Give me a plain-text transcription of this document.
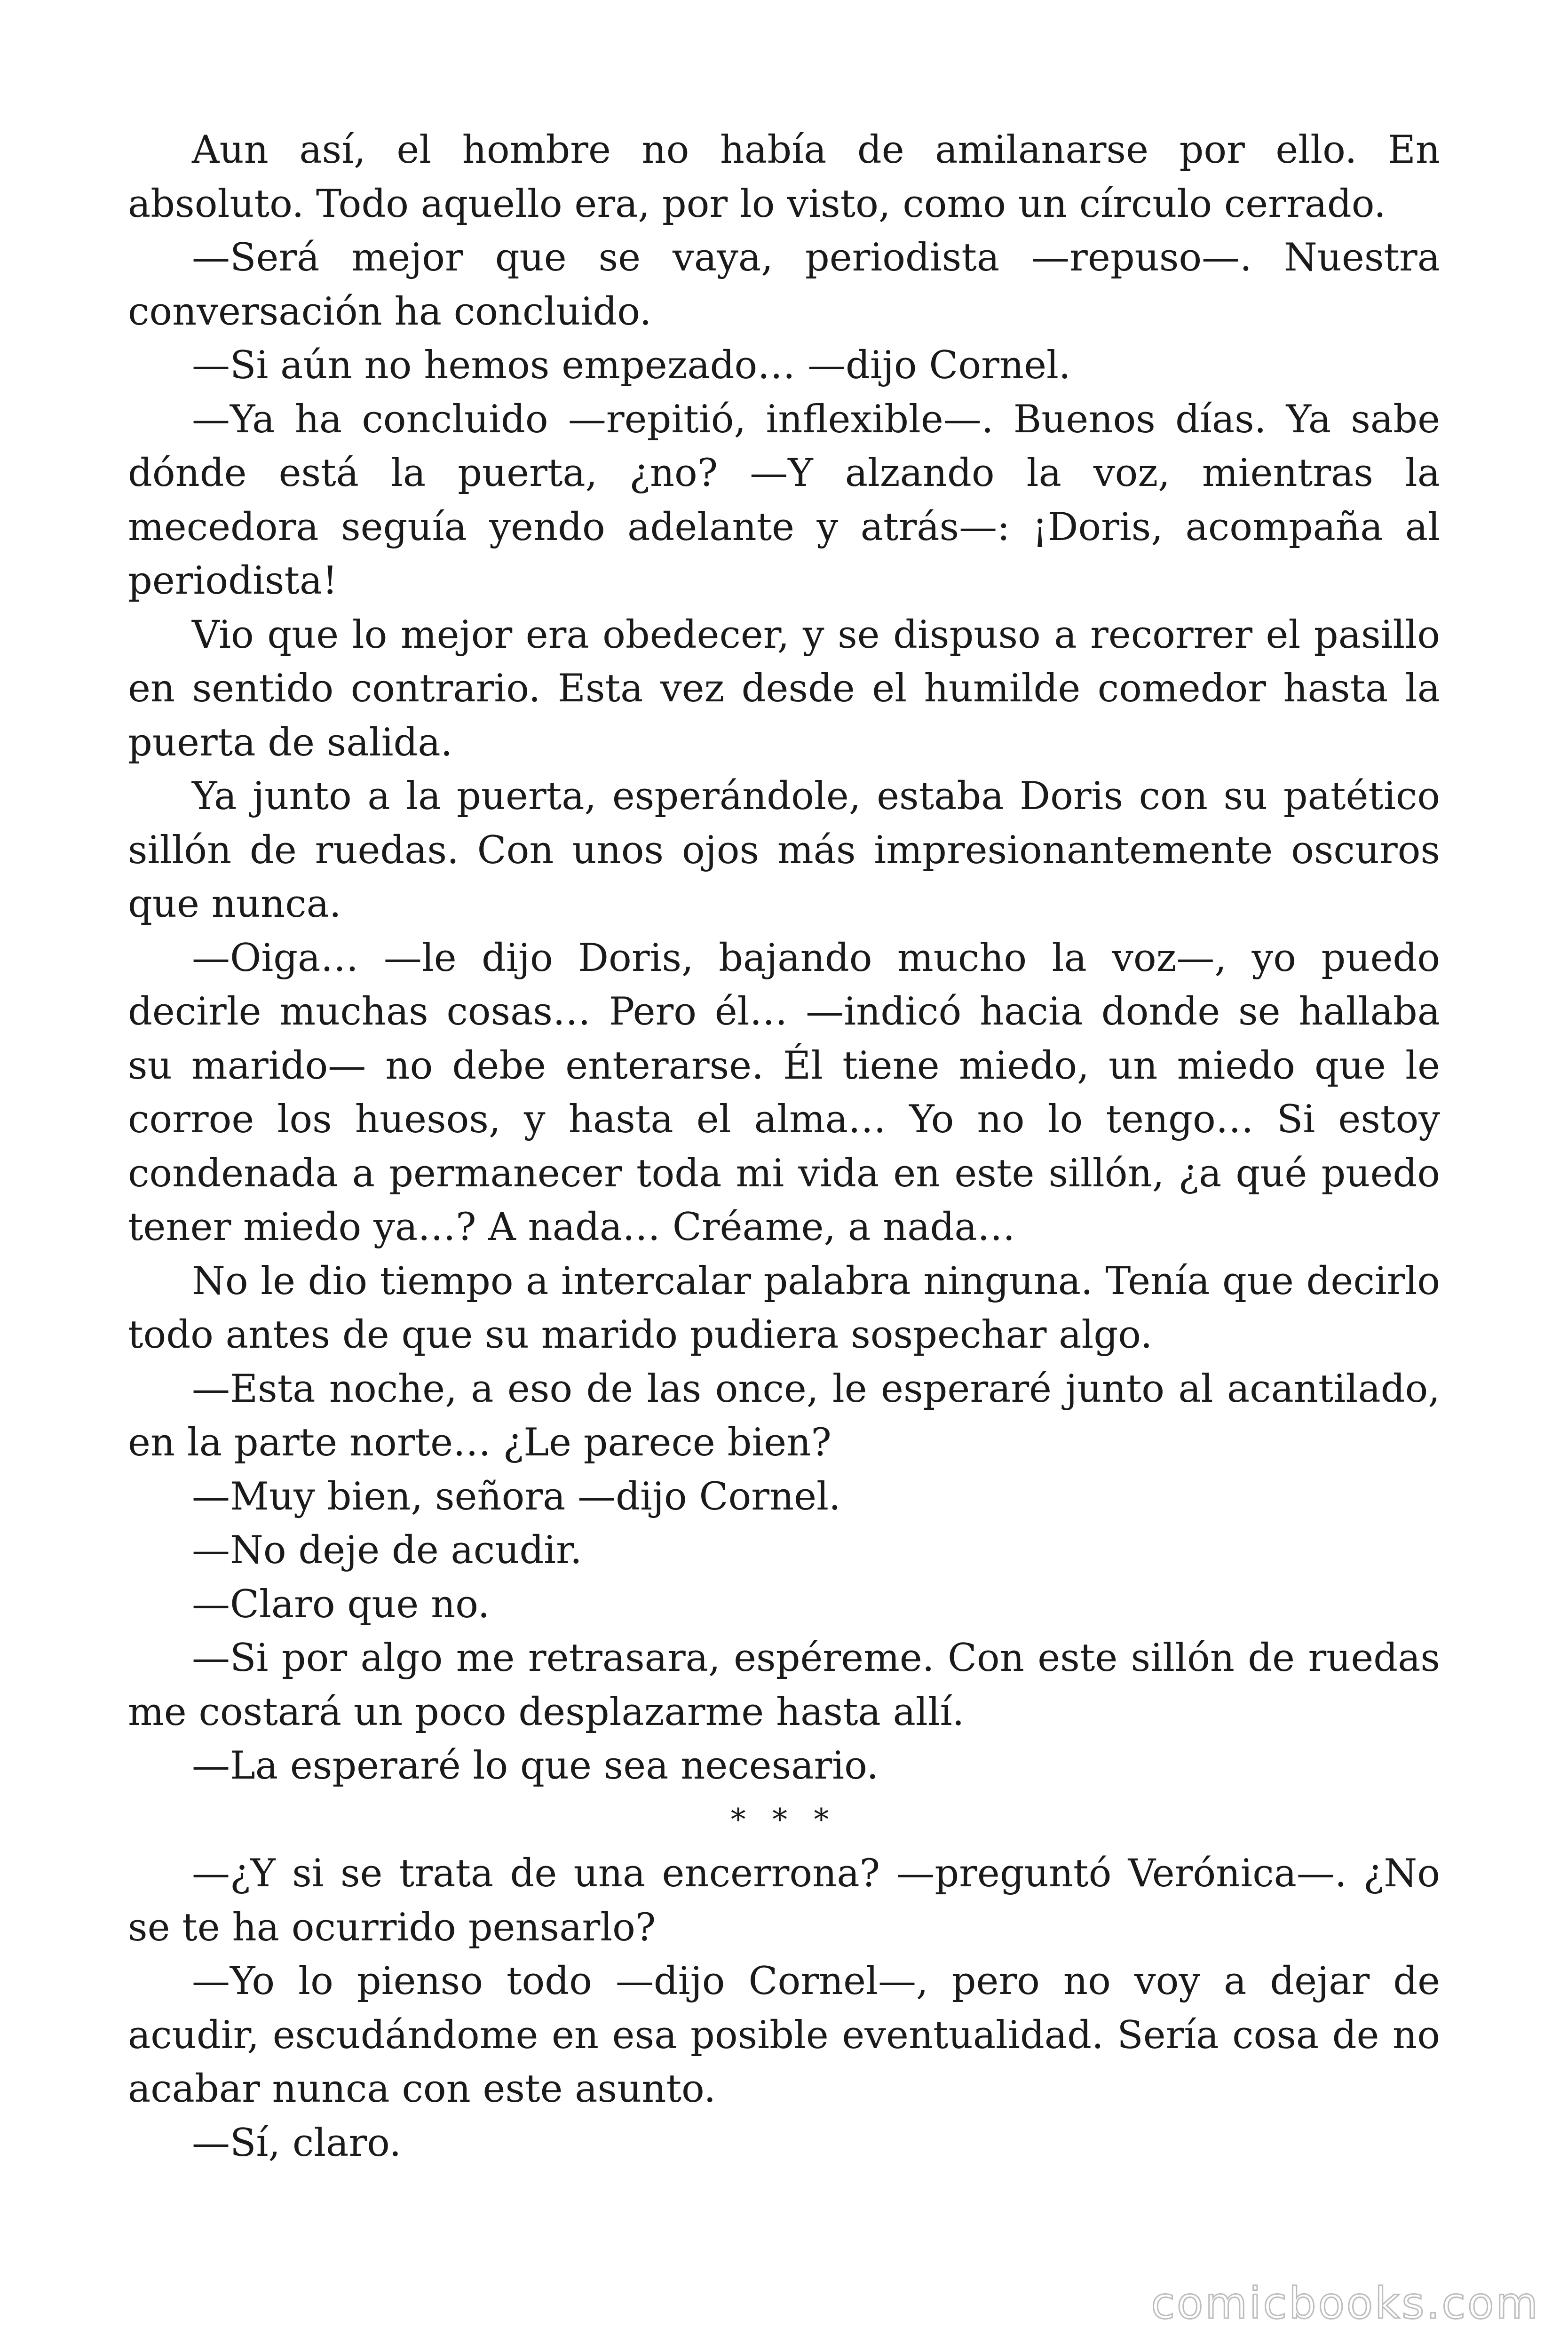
Aun así, el hombre no había de amilanarse por ello. En absoluto. Todo aquello era, por lo visto, como un círculo cerrado.

—Será mejor que se vaya, periodista —repuso—. Nuestra conversación ha concluido.

—Si aún no hemos empezado… —dijo Cornel.

—Ya ha concluido —repitió, inflexible—. Buenos días. Ya sabe dónde está la puerta, ¿no? —Y alzando la voz, mientras la mecedora seguía yendo adelante y atrás—: ¡Doris, acompaña al periodista!

Vio que lo mejor era obedecer, y se dispuso a recorrer el pasillo en sentido contrario. Esta vez desde el humilde comedor hasta la puerta de salida.

Ya junto a la puerta, esperándole, estaba Doris con su patético sillón de ruedas. Con unos ojos más impresionantemente oscuros que nunca.

—Oiga… —le dijo Doris, bajando mucho la voz—, yo puedo decirle muchas cosas… Pero él… —indicó hacia donde se hallaba su marido— no debe enterarse. Él tiene miedo, un miedo que le corroe los huesos, y hasta el alma… Yo no lo tengo… Si estoy condenada a permanecer toda mi vida en este sillón, ¿a qué puedo tener miedo ya…? A nada… Créame, a nada…

No le dio tiempo a intercalar palabra ninguna. Tenía que decirlo todo antes de que su marido pudiera sospechar algo.

—Esta noche, a eso de las once, le esperaré junto al acantilado, en la parte norte… ¿Le parece bien?

—Muy bien, señora —dijo Cornel.

—No deje de acudir.

—Claro que no.

—Si por algo me retrasara, espéreme. Con este sillón de ruedas me costará un poco desplazarme hasta allí.

—La esperaré lo que sea necesario.

* * *

—¿Y si se trata de una encerrona? —preguntó Verónica—. ¿No se te ha ocurrido pensarlo?

—Yo lo pienso todo —dijo Cornel—, pero no voy a dejar de acudir, escudándome en esa posible eventualidad. Sería cosa de no acabar nunca con este asunto.

—Sí, claro.

comicbooks.com
